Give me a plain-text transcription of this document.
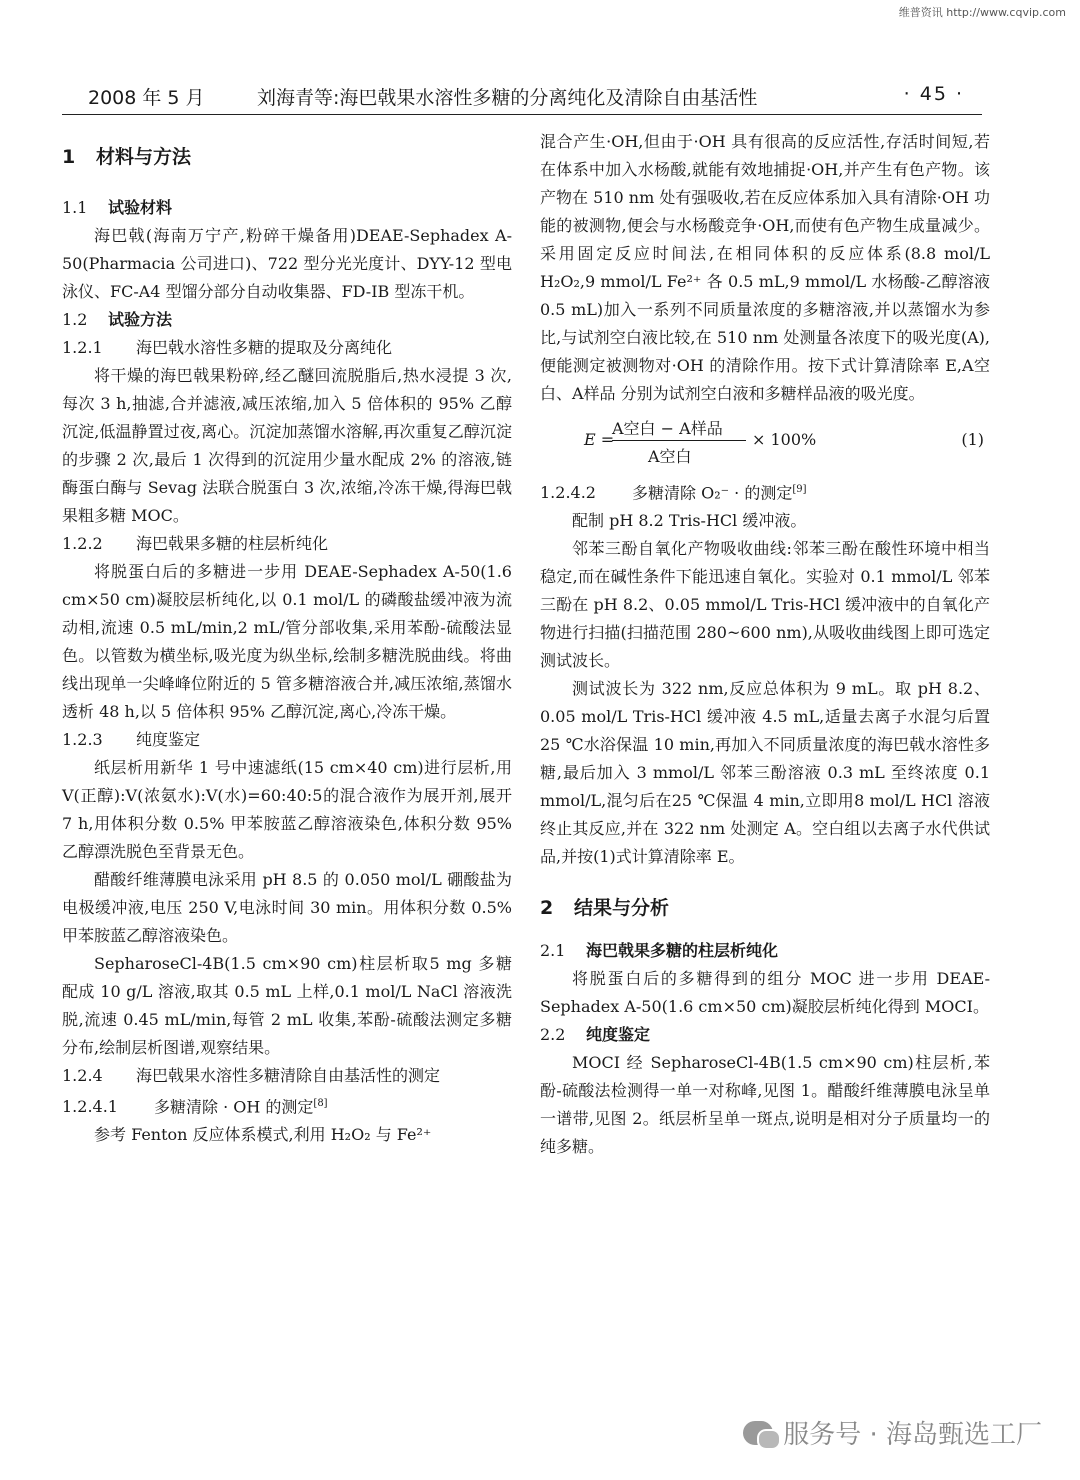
维普资讯 http://www.cqvip.com
2008 年 5 月	刘海青等:海巴戟果水溶性多糖的分离纯化及清除自由基活性	· 45 ·

1 材料与方法

1.1 试验材料

海巴戟(海南万宁产,粉碎干燥备用)DEAE-Sephadex A-50(Pharmacia 公司进口)、722 型分光光度计、DYY-12 型电泳仪、FC-A4 型馏分部分自动收集器、FD-IB 型冻干机。

1.2 试验方法

1.2.1 海巴戟水溶性多糖的提取及分离纯化

将干燥的海巴戟果粉碎,经乙醚回流脱脂后,热水浸提 3 次,每次 3 h,抽滤,合并滤液,减压浓缩,加入 5 倍体积的 95% 乙醇沉淀,低温静置过夜,离心。沉淀加蒸馏水溶解,再次重复乙醇沉淀的步骤 2 次,最后 1 次得到的沉淀用少量水配成 2% 的溶液,链酶蛋白酶与 Sevag 法联合脱蛋白 3 次,浓缩,冷冻干燥,得海巴戟果粗多糖 MOC。

1.2.2 海巴戟果多糖的柱层析纯化

将脱蛋白后的多糖进一步用 DEAE-Sephadex A-50(1.6 cm×50 cm)凝胶层析纯化,以 0.1 mol/L 的磷酸盐缓冲液为流动相,流速 0.5 mL/min,2 mL/管分部收集,采用苯酚-硫酸法显色。以管数为横坐标,吸光度为纵坐标,绘制多糖洗脱曲线。将曲线出现单一尖峰峰位附近的 5 管多糖溶液合并,减压浓缩,蒸馏水透析 48 h,以 5 倍体积 95% 乙醇沉淀,离心,冷冻干燥。

1.2.3 纯度鉴定

纸层析用新华 1 号中速滤纸(15 cm×40 cm)进行层析,用 V(正醇):V(浓氨水):V(水)=60:40:5的混合液作为展开剂,展开 7 h,用体积分数 0.5% 甲苯胺蓝乙醇溶液染色,体积分数 95% 乙醇漂洗脱色至背景无色。

醋酸纤维薄膜电泳采用 pH 8.5 的 0.050 mol/L 硼酸盐为电极缓冲液,电压 250 V,电泳时间 30 min。用体积分数 0.5% 甲苯胺蓝乙醇溶液染色。

SepharoseCl-4B(1.5 cm×90 cm)柱层析取5 mg 多糖配成 10 g/L 溶液,取其 0.5 mL 上样,0.1 mol/L NaCl 溶液洗脱,流速 0.45 mL/min,每管 2 mL 收集,苯酚-硫酸法测定多糖分布,绘制层析图谱,观察结果。

1.2.4 海巴戟果水溶性多糖清除自由基活性的测定

1.2.4.1 多糖清除 · OH 的测定[8]

参考 Fenton 反应体系模式,利用 H₂O₂ 与 Fe²⁺

混合产生·OH,但由于·OH 具有很高的反应活性,存活时间短,若在体系中加入水杨酸,就能有效地捕捉·OH,并产生有色产物。该产物在 510 nm 处有强吸收,若在反应体系加入具有清除·OH 功能的被测物,便会与水杨酸竞争·OH,而使有色产物生成量减少。采用固定反应时间法,在相同体积的反应体系(8.8 mol/L H₂O₂,9 mmol/L Fe²⁺ 各 0.5 mL,9 mmol/L 水杨酸-乙醇溶液 0.5 mL)加入一系列不同质量浓度的多糖溶液,并以蒸馏水为参比,与试剂空白液比较,在 510 nm 处测量各浓度下的吸光度(A),便能测定被测物对·OH 的清除作用。按下式计算清除率 E,A空白、A样品 分别为试剂空白液和多糖样品液的吸光度。

E =
A空白 − A样品
A空白
× 100%	(1)

1.2.4.2 多糖清除 O₂⁻ · 的测定[9]

配制 pH 8.2 Tris-HCl 缓冲液。

邻苯三酚自氧化产物吸收曲线:邻苯三酚在酸性环境中相当稳定,而在碱性条件下能迅速自氧化。实验对 0.1 mmol/L 邻苯三酚在 pH 8.2、0.05 mmol/L Tris-HCl 缓冲液中的自氧化产物进行扫描(扫描范围 280~600 nm),从吸收曲线图上即可选定测试波长。

测试波长为 322 nm,反应总体积为 9 mL。取 pH 8.2、0.05 mol/L Tris-HCl 缓冲液 4.5 mL,适量去离子水混匀后置25 ℃水浴保温 10 min,再加入不同质量浓度的海巴戟水溶性多糖,最后加入 3 mmol/L 邻苯三酚溶液 0.3 mL 至终浓度 0.1 mmol/L,混匀后在25 ℃保温 4 min,立即用8 mol/L HCl 溶液终止其反应,并在 322 nm 处测定 A。空白组以去离子水代供试品,并按(1)式计算清除率 E。

2 结果与分析

2.1 海巴戟果多糖的柱层析纯化

将脱蛋白后的多糖得到的组分 MOC 进一步用 DEAE-Sephadex A-50(1.6 cm×50 cm)凝胶层析纯化得到 MOCI。

2.2 纯度鉴定

MOCI 经 SepharoseCl-4B(1.5 cm×90 cm)柱层析,苯酚-硫酸法检测得一单一对称峰,见图 1。醋酸纤维薄膜电泳呈单一谱带,见图 2。纸层析呈单一斑点,说明是相对分子质量均一的纯多糖。

服务号 · 海岛甄选工厂
